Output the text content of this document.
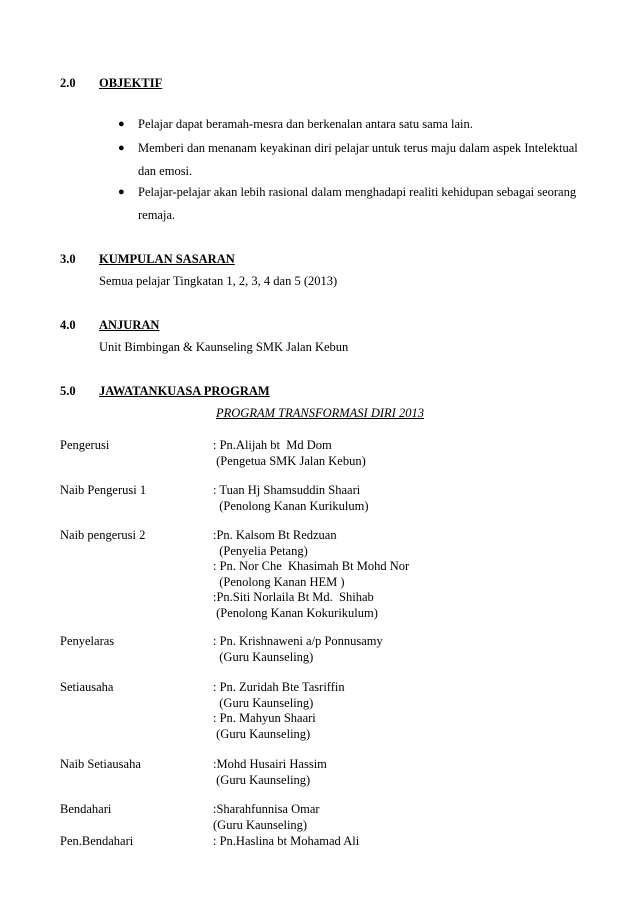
2.0 OBJEKTIF
● Pelajar dapat beramah-mesra dan berkenalan antara satu sama lain.
● Memberi dan menanam keyakinan diri pelajar untuk terus maju dalam aspek Intelektual
dan emosi.
● Pelajar-pelajar akan lebih rasional dalam menghadapi realiti kehidupan sebagai seorang
remaja.
3.0 KUMPULAN SASARAN
Semua pelajar Tingkatan 1, 2, 3, 4 dan 5 (2013)
4.0 ANJURAN
Unit Bimbingan & Kaunseling SMK Jalan Kebun
5.0 JAWATANKUASA PROGRAM
PROGRAM TRANSFORMASI DIRI 2013
Pengerusi	: Pn.Alijah bt  Md Dom
(Pengetua SMK Jalan Kebun)
Naib Pengerusi 1	: Tuan Hj Shamsuddin Shaari
(Penolong Kanan Kurikulum)
Naib pengerusi 2	:Pn. Kalsom Bt Redzuan
(Penyelia Petang)
: Pn. Nor Che  Khasimah Bt Mohd Nor
(Penolong Kanan HEM )
:Pn.Siti Norlaila Bt Md.  Shihab
(Penolong Kanan Kokurikulum)
Penyelaras	: Pn. Krishnaweni a/p Ponnusamy
(Guru Kaunseling)
Setiausaha	: Pn. Zuridah Bte Tasriffin
(Guru Kaunseling)
: Pn. Mahyun Shaari
(Guru Kaunseling)
Naib Setiausaha	:Mohd Husairi Hassim
(Guru Kaunseling)
Bendahari	:Sharahfunnisa Omar
(Guru Kaunseling)
Pen.Bendahari	: Pn.Haslina bt Mohamad Ali
